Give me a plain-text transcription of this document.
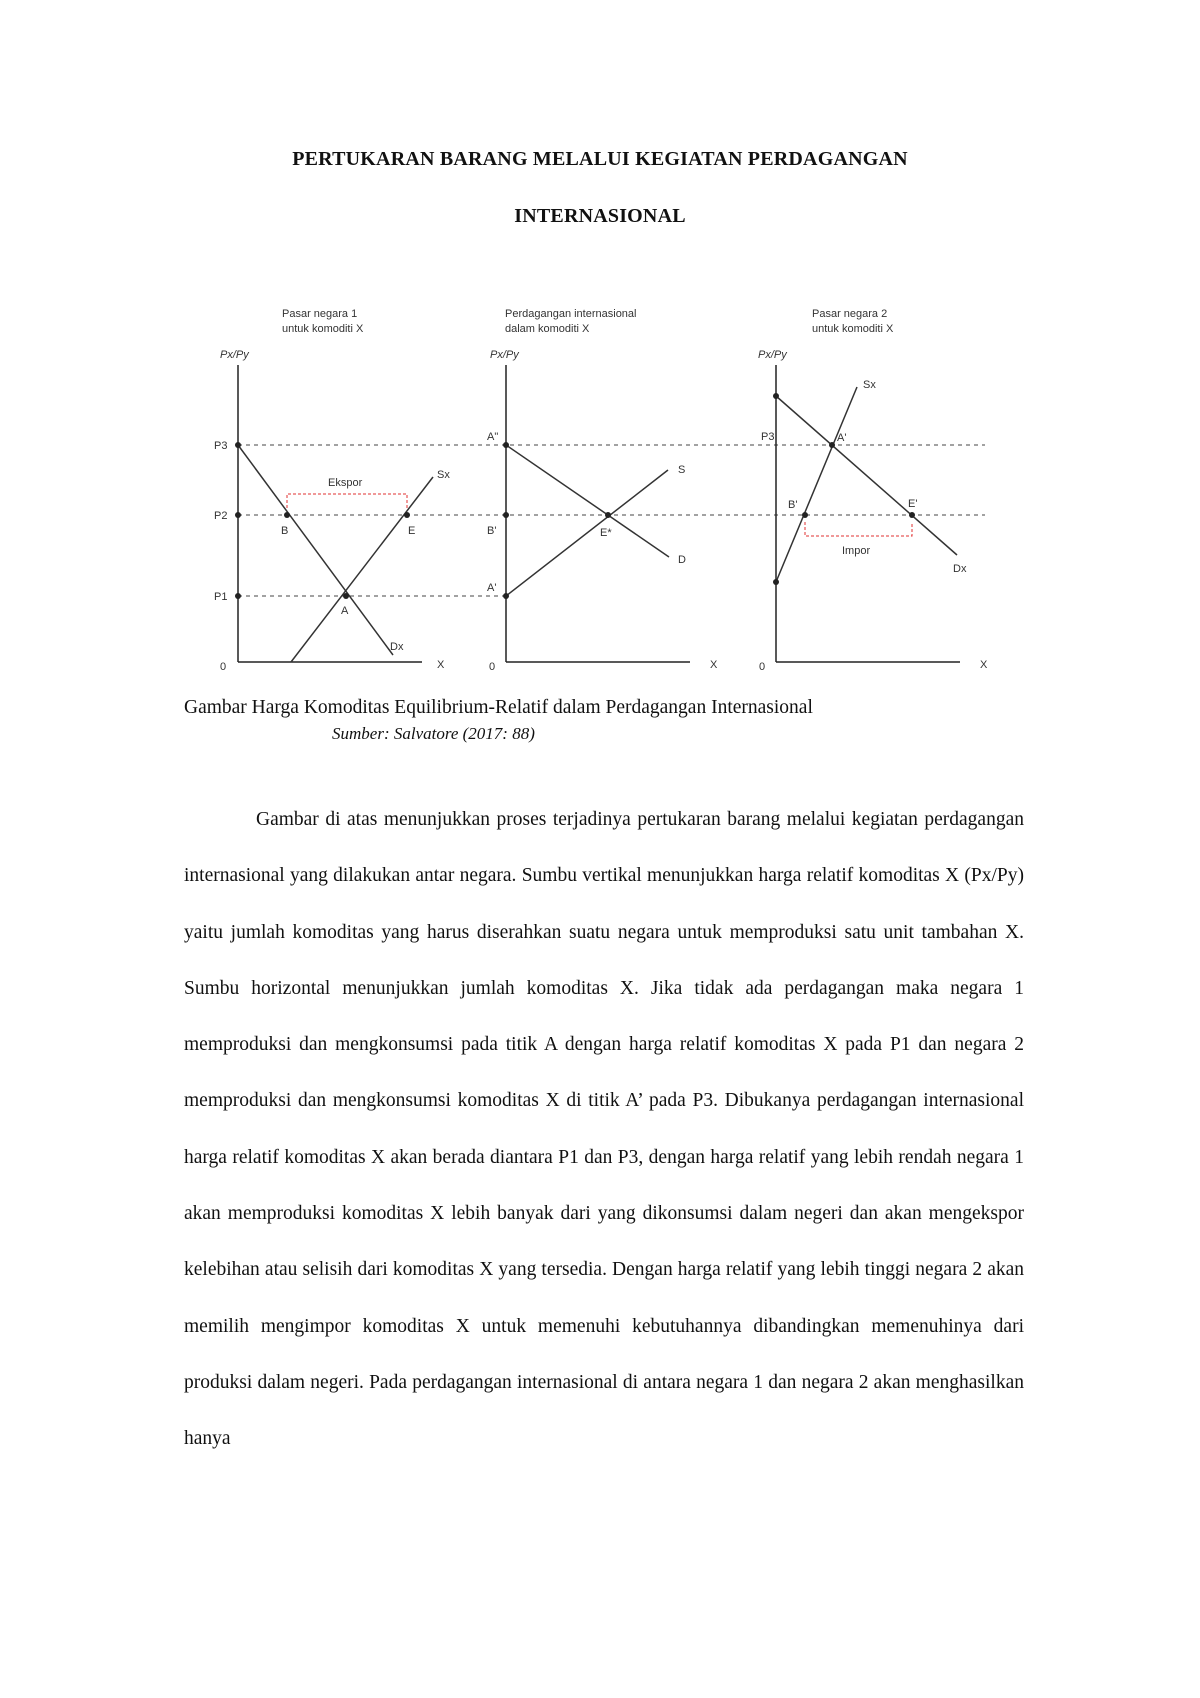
PERTUKARAN BARANG MELALUI KEGIATAN PERDAGANGAN
INTERNASIONAL
Pasar negara 1
untuk komoditi X
Px/Py
0	X
P3
P2
P1
Ekspor
Sx
Dx
B	E
A
Perdagangan internasional
dalam komoditi X
Px/Py
0	X
A"
B'
A'
S
D
E*
Pasar negara 2
untuk komoditi X
Px/Py
0	X
P3
Impor
Sx
Dx
A'
B'	E'
Gambar Harga Komoditas Equilibrium-Relatif dalam Perdagangan Internasional
Sumber: Salvatore (2017: 88)

Gambar di atas menunjukkan proses terjadinya pertukaran barang melalui kegiatan perdagangan internasional yang dilakukan antar negara. Sumbu vertikal menunjukkan harga relatif komoditas X (Px/Py) yaitu jumlah komoditas yang harus diserahkan suatu negara untuk memproduksi satu unit tambahan X. Sumbu horizontal menunjukkan jumlah komoditas X. Jika tidak ada perdagangan maka negara 1 memproduksi dan mengkonsumsi pada titik A dengan harga relatif komoditas X pada P1 dan negara 2 memproduksi dan mengkonsumsi komoditas X di titik A’ pada P3. Dibukanya perdagangan internasional harga relatif komoditas X akan berada diantara P1 dan P3, dengan harga relatif yang lebih rendah negara 1 akan memproduksi komoditas X lebih banyak dari yang dikonsumsi dalam negeri dan akan mengekspor kelebihan atau selisih dari komoditas X yang tersedia. Dengan harga relatif yang lebih tinggi negara 2 akan memilih mengimpor komoditas X untuk memenuhi kebutuhannya dibandingkan memenuhinya dari produksi dalam negeri. Pada perdagangan internasional di antara negara 1 dan negara 2 akan menghasilkan hanya
